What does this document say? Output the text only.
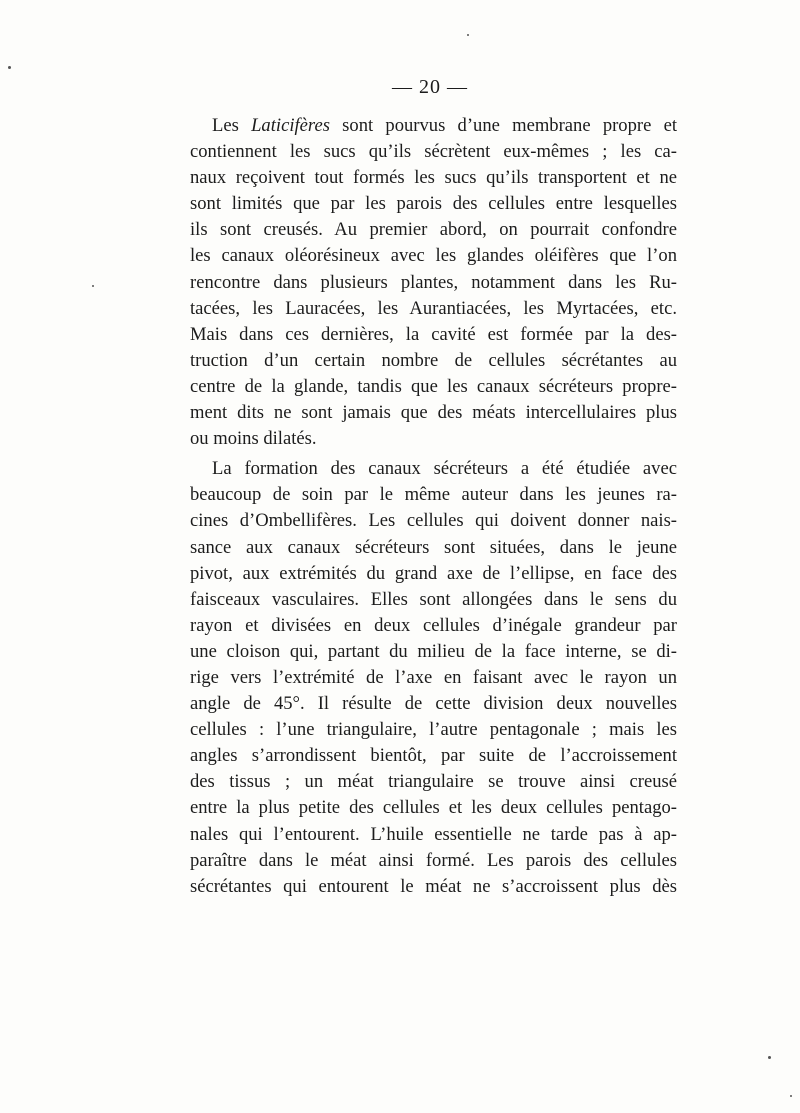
— 20 —
Les Laticifères sont pourvus d’une membrane propre et
contiennent les sucs qu’ils sécrètent eux-mêmes ; les ca-
naux reçoivent tout formés les sucs qu’ils transportent et ne
sont limités que par les parois des cellules entre lesquelles
ils sont creusés. Au premier abord, on pourrait confondre
les canaux oléorésineux avec les glandes oléifères que l’on
rencontre dans plusieurs plantes, notamment dans les Ru-
tacées, les Lauracées, les Aurantiacées, les Myrtacées, etc.
Mais dans ces dernières, la cavité est formée par la des-
truction d’un certain nombre de cellules sécrétantes au
centre de la glande, tandis que les canaux sécréteurs propre-
ment dits ne sont jamais que des méats intercellulaires plus
ou moins dilatés.
La formation des canaux sécréteurs a été étudiée avec
beaucoup de soin par le même auteur dans les jeunes ra-
cines d’Ombellifères. Les cellules qui doivent donner nais-
sance aux canaux sécréteurs sont situées, dans le jeune
pivot, aux extrémités du grand axe de l’ellipse, en face des
faisceaux vasculaires. Elles sont allongées dans le sens du
rayon et divisées en deux cellules d’inégale grandeur par
une cloison qui, partant du milieu de la face interne, se di-
rige vers l’extrémité de l’axe en faisant avec le rayon un
angle de 45°. Il résulte de cette division deux nouvelles
cellules : l’une triangulaire, l’autre pentagonale ; mais les
angles s’arrondissent bientôt, par suite de l’accroissement
des tissus ; un méat triangulaire se trouve ainsi creusé
entre la plus petite des cellules et les deux cellules pentago-
nales qui l’entourent. L’huile essentielle ne tarde pas à ap-
paraître dans le méat ainsi formé. Les parois des cellules
sécrétantes qui entourent le méat ne s’accroissent plus dès
